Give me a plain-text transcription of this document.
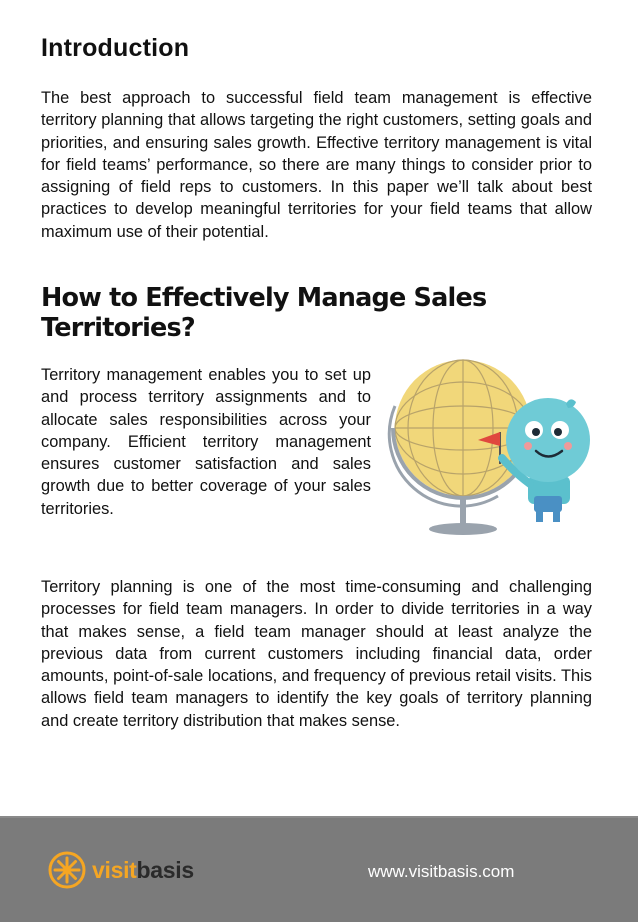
Introduction

The best approach to successful field team management is effective territory planning that allows targeting the right customers, setting goals and priorities, and ensuring sales growth. Effective territory management is vital for field teams’ performance, so there are many things to consider prior to assigning of field reps to customers. In this paper we’ll talk about best practices to develop meaningful territories for your field teams that allow maximum use of their potential.

How to Effectively Manage Sales Territories?

Territory management enables you to set up and process territory assignments and to allocate sales responsibilities across your company. Efficient territory management ensures customer satisfaction and sales growth due to better coverage of your sales territories.

Territory planning is one of the most time-consuming and challenging processes for field team managers. In order to divide territories in a way that makes sense, a field team manager should at least analyze the previous data from current customers including financial data, order amounts, point-of-sale locations, and frequency of previous retail visits. This allows field team managers to identify the key goals of territory planning and create territory distribution that makes sense.

visitbasis	www.visitbasis.com
